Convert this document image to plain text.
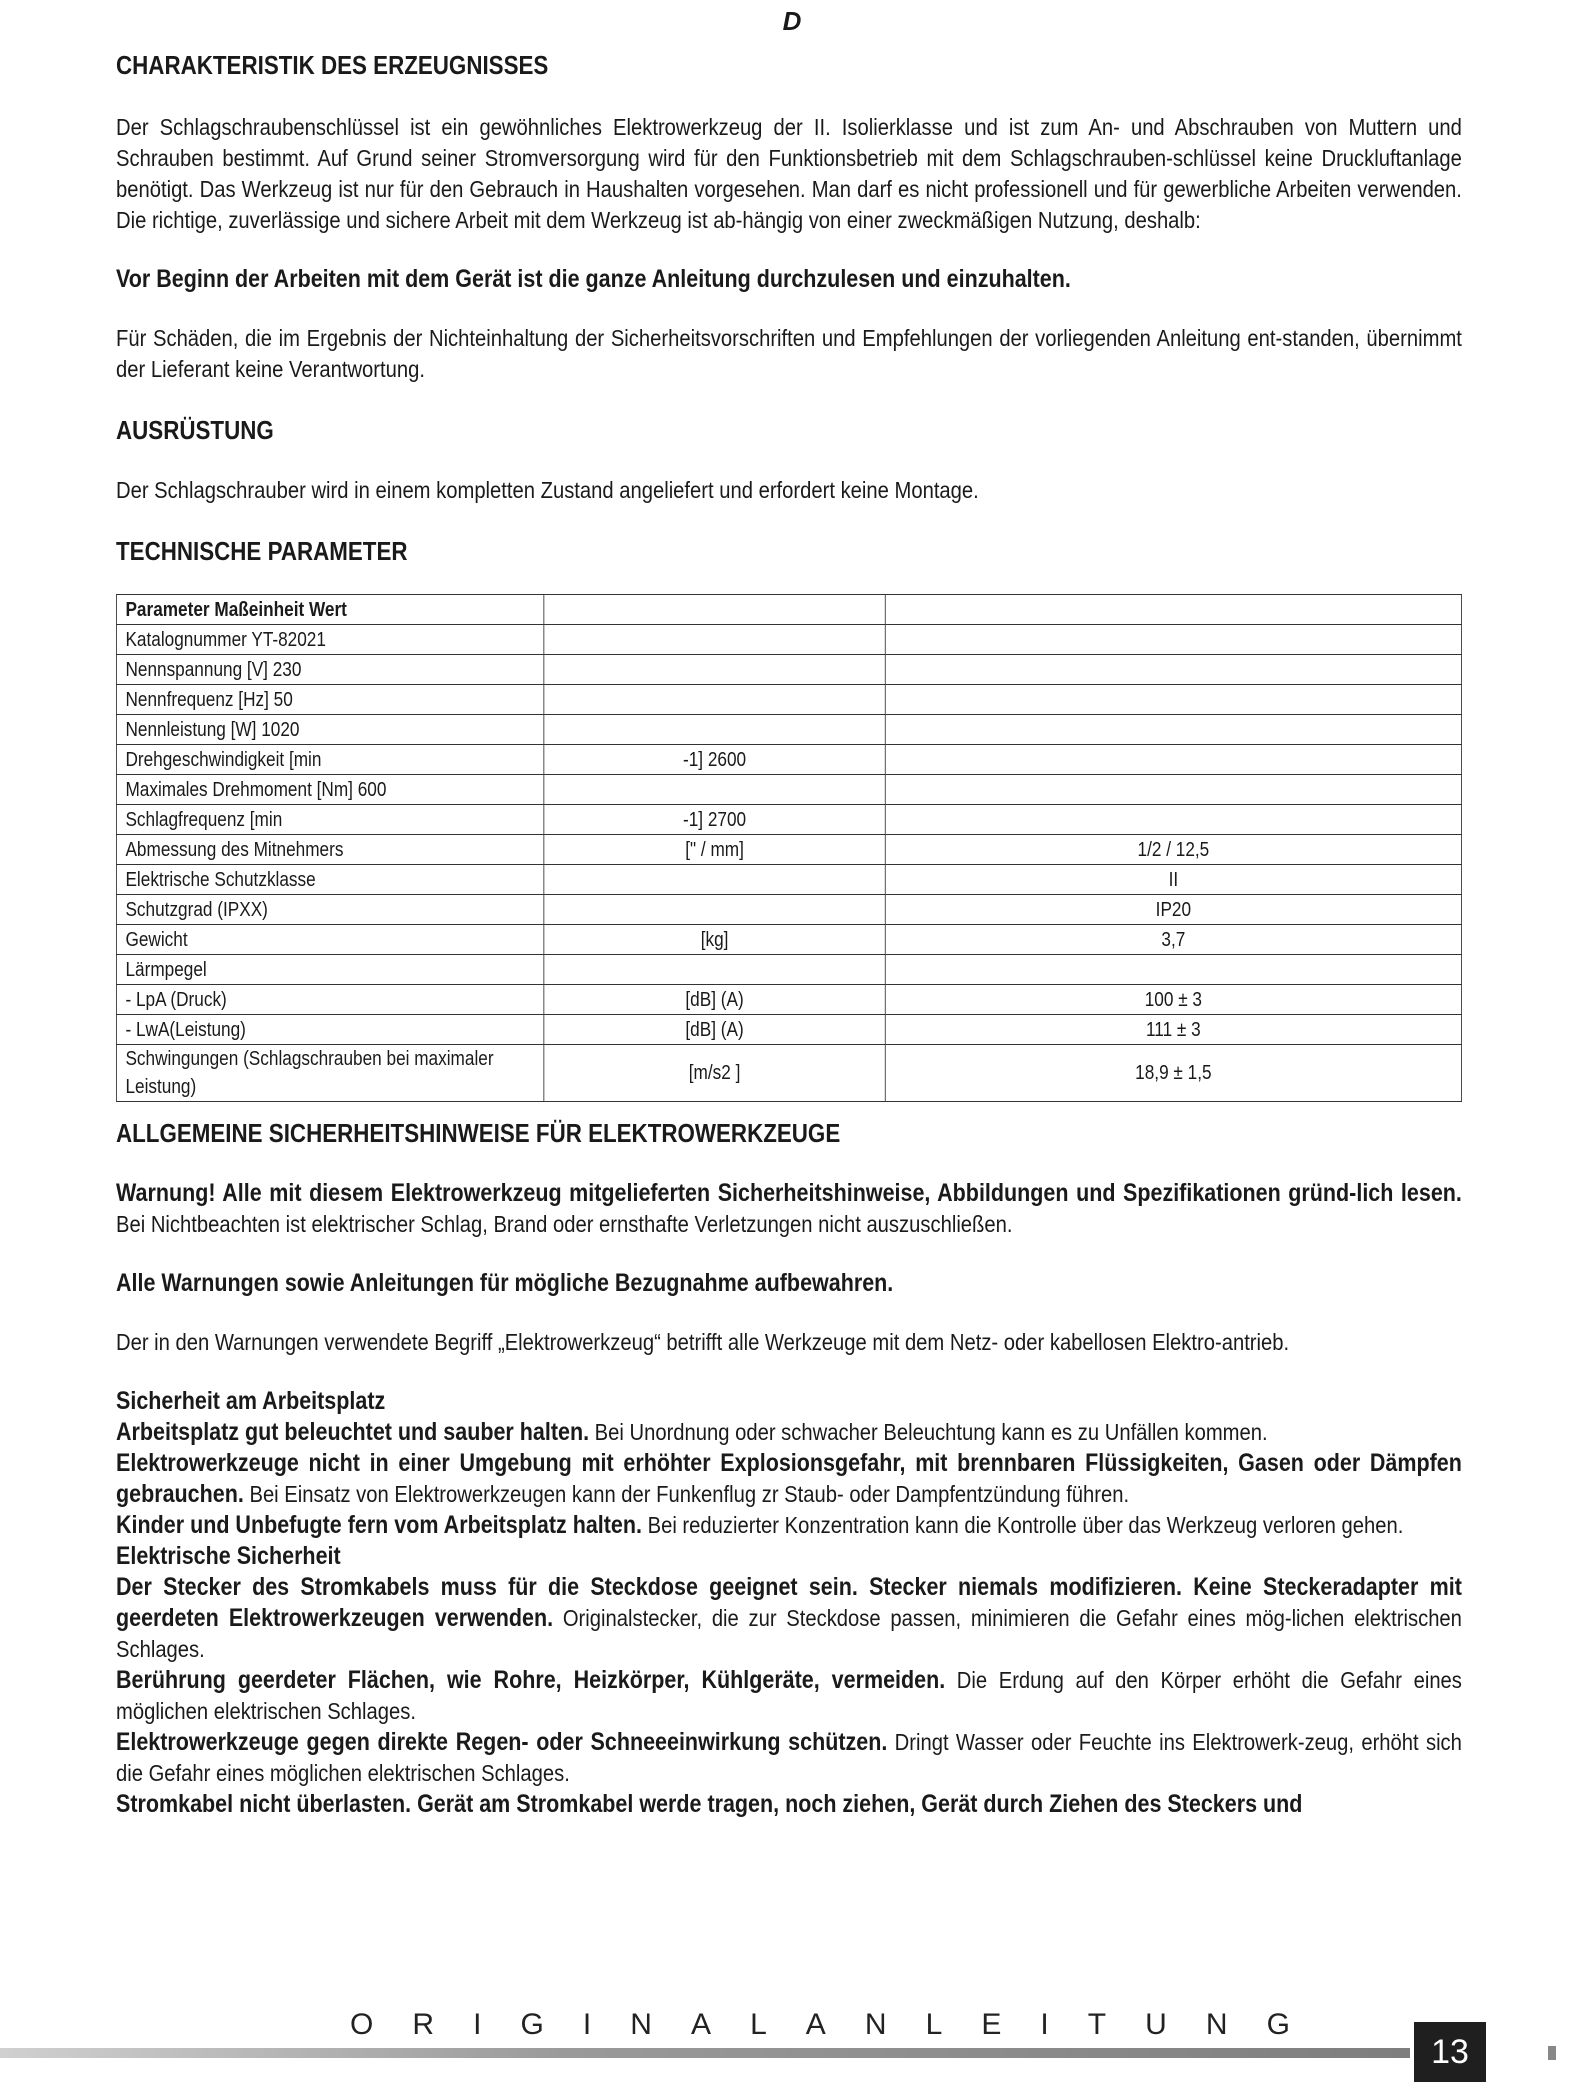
D
CHARAKTERISTIK DES ERZEUGNISSES

Der Schlagschraubenschlüssel ist ein gewöhnliches Elektrowerkzeug der II. Isolierklasse und ist zum An- und Abschrauben von Muttern und Schrauben bestimmt. Auf Grund seiner Stromversorgung wird für den Funktionsbetrieb mit dem Schlagschrauben-schlüssel keine Druckluftanlage benötigt. Das Werkzeug ist nur für den Gebrauch in Haushalten vorgesehen. Man darf es nicht professionell und für gewerbliche Arbeiten verwenden. Die richtige, zuverlässige und sichere Arbeit mit dem Werkzeug ist ab-hängig von einer zweckmäßigen Nutzung, deshalb:

Vor Beginn der Arbeiten mit dem Gerät ist die ganze Anleitung durchzulesen und einzuhalten.

Für Schäden, die im Ergebnis der Nichteinhaltung der Sicherheitsvorschriften und Empfehlungen der vorliegenden Anleitung ent-standen, übernimmt der Lieferant keine Verantwortung.

AUSRÜSTUNG

Der Schlagschrauber wird in einem kompletten Zustand angeliefert und erfordert keine Montage.

TECHNISCHE PARAMETER
Parameter Maßeinheit Wert		
Katalognummer YT-82021		
Nennspannung [V] 230		
Nennfrequenz [Hz] 50		
Nennleistung [W] 1020		
Drehgeschwindigkeit [min	-1] 2600	
Maximales Drehmoment [Nm] 600		
Schlagfrequenz [min	-1] 2700	
Abmessung des Mitnehmers	[" / mm]	1/2 / 12,5
Elektrische Schutzklasse		II
Schutzgrad (IPXX)		IP20
Gewicht	[kg]	3,7
Lärmpegel		
- LpA (Druck)	[dB] (A)	100 ± 3
- LwA(Leistung)	[dB] (A)	111 ± 3
Schwingungen (Schlagschrauben bei maximaler Leistung)	[m/s2 ]	18,9 ± 1,5
ALLGEMEINE SICHERHEITSHINWEISE FÜR ELEKTROWERKZEUGE

Warnung! Alle mit diesem Elektrowerkzeug mitgelieferten Sicherheitshinweise, Abbildungen und Spezifikationen gründ-lich lesen. Bei Nichtbeachten ist elektrischer Schlag, Brand oder ernsthafte Verletzungen nicht auszuschließen.

Alle Warnungen sowie Anleitungen für mögliche Bezugnahme aufbewahren.

Der in den Warnungen verwendete Begriff „Elektrowerkzeug“ betrifft alle Werkzeuge mit dem Netz- oder kabellosen Elektro-antrieb.

Sicherheit am Arbeitsplatz

Arbeitsplatz gut beleuchtet und sauber halten. Bei Unordnung oder schwacher Beleuchtung kann es zu Unfällen kommen.

Elektrowerkzeuge nicht in einer Umgebung mit erhöhter Explosionsgefahr, mit brennbaren Flüssigkeiten, Gasen oder Dämpfen gebrauchen. Bei Einsatz von Elektrowerkzeugen kann der Funkenflug zr Staub- oder Dampfentzündung führen.

Kinder und Unbefugte fern vom Arbeitsplatz halten. Bei reduzierter Konzentration kann die Kontrolle über das Werkzeug verloren gehen.

Elektrische Sicherheit

Der Stecker des Stromkabels muss für die Steckdose geeignet sein. Stecker niemals modifizieren. Keine Steckeradapter mit geerdeten Elektrowerkzeugen verwenden. Originalstecker, die zur Steckdose passen, minimieren die Gefahr eines mög-lichen elektrischen Schlages.

Berührung geerdeter Flächen, wie Rohre, Heizkörper, Kühlgeräte, vermeiden. Die Erdung auf den Körper erhöht die Gefahr eines möglichen elektrischen Schlages.

Elektrowerkzeuge gegen direkte Regen- oder Schneeeinwirkung schützen. Dringt Wasser oder Feuchte ins Elektrowerk-zeug, erhöht sich die Gefahr eines möglichen elektrischen Schlages.

Stromkabel nicht überlasten. Gerät am Stromkabel werde tragen, noch ziehen, Gerät durch Ziehen des Steckers und

O R I G I N A L A N L E I T U N G
13
